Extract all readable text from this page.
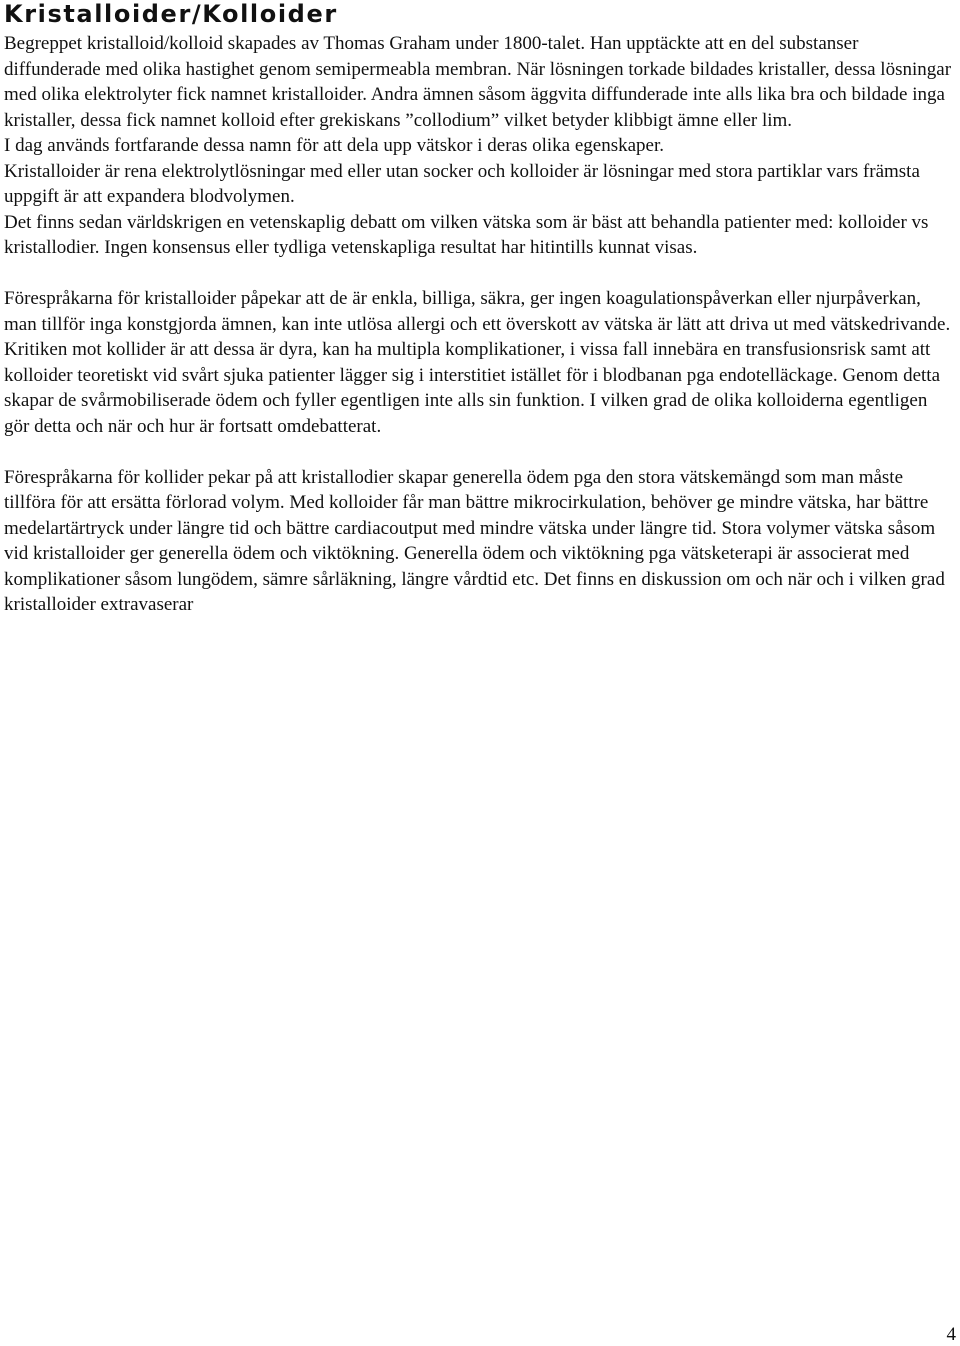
Kristalloider/Kolloider

Begreppet kristalloid/kolloid skapades av Thomas Graham under 1800-talet. Han upptäckte att en del substanser diffunderade med olika hastighet genom semipermeabla membran. När lösningen torkade bildades kristaller, dessa lösningar med olika elektrolyter fick namnet kristalloider. Andra ämnen såsom äggvita diffunderade inte alls lika bra och bildade inga kristaller, dessa fick namnet kolloid efter grekiskans ”collodium” vilket betyder klibbigt ämne eller lim.

I dag används fortfarande dessa namn för att dela upp vätskor i deras olika egenskaper.

Kristalloider är rena elektrolytlösningar med eller utan socker och kolloider är lösningar med stora partiklar vars främsta uppgift är att expandera blodvolymen.

Det finns sedan världskrigen en vetenskaplig debatt om vilken vätska som är bäst att behandla patienter med: kolloider vs kristallodier. Ingen konsensus eller tydliga vetenskapliga resultat har hitintills kunnat visas.

Förespråkarna för kristalloider påpekar att de är enkla, billiga, säkra, ger ingen koagulationspåverkan eller njurpåverkan, man tillför inga konstgjorda ämnen, kan inte utlösa allergi och ett överskott av vätska är lätt att driva ut med vätskedrivande. Kritiken mot kollider är att dessa är dyra, kan ha multipla komplikationer, i vissa fall innebära en transfusionsrisk samt att kolloider teoretiskt vid svårt sjuka patienter lägger sig i interstitiet istället för i blodbanan pga endotelläckage. Genom detta skapar de svårmobiliserade ödem och fyller egentligen inte alls sin funktion. I vilken grad de olika kolloiderna egentligen gör detta och när och hur är fortsatt omdebatterat.

Förespråkarna för kollider pekar på att kristallodier skapar generella ödem pga den stora vätskemängd som man måste tillföra för att ersätta förlorad volym. Med kolloider får man bättre mikrocirkulation, behöver ge mindre vätska, har bättre medelartärtryck under längre tid och bättre cardiacoutput med mindre vätska under längre tid. Stora volymer vätska såsom vid kristalloider ger generella ödem och viktökning. Generella ödem och viktökning pga vätsketerapi är associerat med komplikationer såsom lungödem, sämre sårläkning, längre vårdtid etc. Det finns en diskussion om och när och i vilken grad kristalloider extravaserar

4
